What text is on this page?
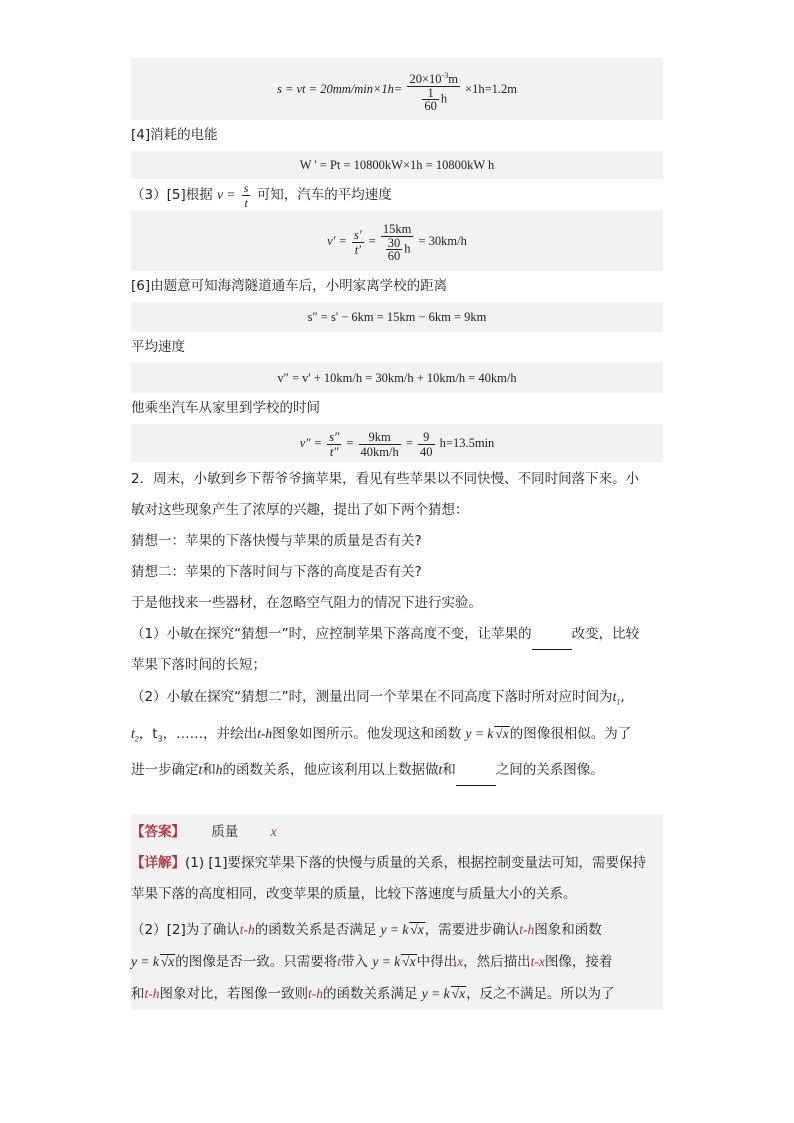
s = vt = $20mm/\min\times 1h= \frac{20\times 10^{-3}m}{\frac{1}{60} h} \times 1h=1.2m$
[4]消耗的电能
W ' = Pt = 10800kW×1h = 10800kW h
（3）[5]根据 $v = \frac{s}{t}$ 可知，汽车的平均速度
$v' = \frac{s'}{t'} = \frac{15km}{\frac{30}{60} h} = 30km/h$
[6]由题意可知海湾隧道通车后，小明家离学校的距离
s″ = s' − 6km = 15km − 6km = 9km
平均速度
v″ = v' + 10km/h = 30km/h + 10km/h = 40km/h
他乘坐汽车从家里到学校的时间
$v'' = \frac{s''}{t''} = \frac{9km}{40km/h} = \frac{9}{40} h=13.5\min$
2．周末，小敏到乡下帮爷爷摘苹果，看见有些苹果以不同快慢、不同时间落下来。小
敏对这些现象产生了浓厚的兴趣，提出了如下两个猜想：
猜想一：苹果的下落快慢与苹果的质量是否有关?
猜想二：苹果的下落时间与下落的高度是否有关?
于是他找来一些器材，在忽略空气阻力的情况下进行实验。
（1）小敏在探究“猜想一”时，应控制苹果下落高度不变，让苹果的	改变，比较
苹果下落时间的长短；
（2）小敏在探究“猜想二”时，测量出同一个苹果在不同高度下落时所对应时间为$t_1$,
$t_2$，$t_3$，……，并绘出t-h图象如图所示。他发现这和函数 y = k √x的图像很相似。为了
进一步确定t和h的函数关系，他应该利用以上数据做t和	之间的关系图像。
【答案】 质量 x
【详解】(1) [1]要探究苹果下落的快慢与质量的关系，根据控制变量法可知，需要保持
苹果下落的高度相同，改变苹果的质量，比较下落速度与质量大小的关系。
（2）[2]为了确认t-h的函数关系是否满足 y = k √x，需要进步确认t-h图象和函数
y = k √x的图像是否一致。只需要将t带入 y = k √x中得出x，然后描出t-x图像，接着
和t-h图象对比，若图像一致则t-h的函数关系满足 y = k √x，反之不满足。所以为了
